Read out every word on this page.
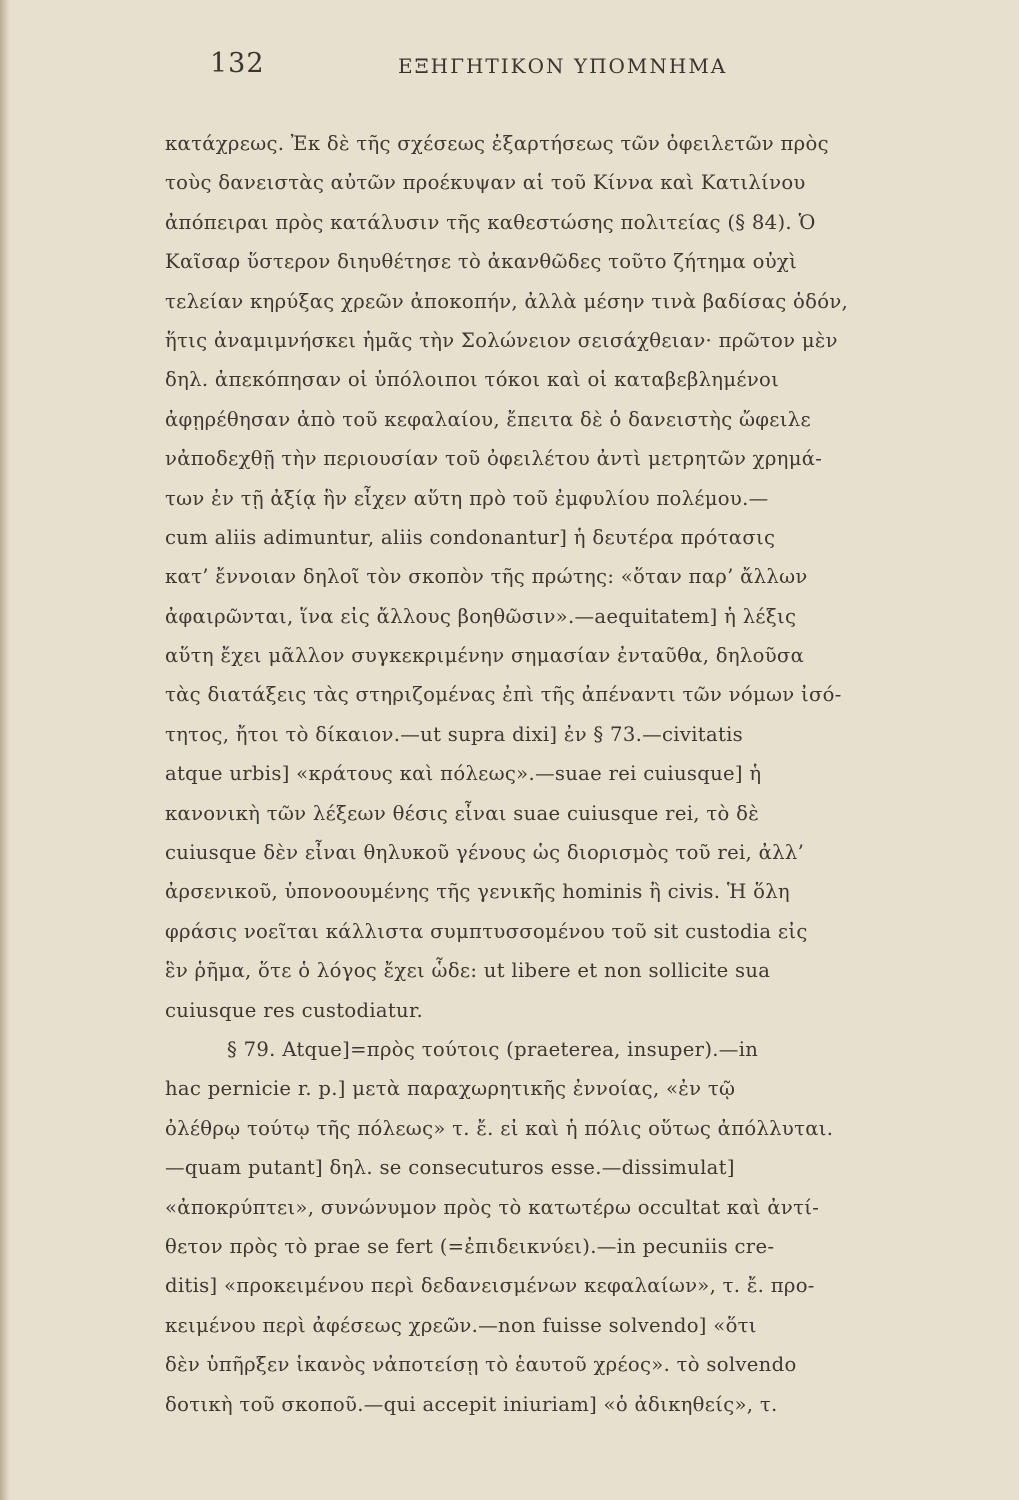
132	ΕΞΗΓΗΤΙΚΟΝ ΥΠΟΜΝΗΜΑ
κατάχρεως. Ἐκ δὲ τῆς σχέσεως ἐξαρτήσεως τῶν ὀφειλετῶν πρὸς
τοὺς δανειστὰς αὐτῶν προέκυψαν αἱ τοῦ Κίννα καὶ Κατιλίνου
ἀπόπειραι πρὸς κατάλυσιν τῆς καθεστώσης πολιτείας (§ 84). Ὁ
Καῖσαρ ὕστερον διηυθέτησε τὸ ἀκανθῶδες τοῦτο ζήτημα οὐχὶ
τελείαν κηρύξας χρεῶν ἀποκοπήν, ἀλλὰ μέσην τινὰ βαδίσας ὁδόν,
ἥτις ἀναμιμνήσκει ἡμᾶς τὴν Σολώνειον σεισάχθειαν· πρῶτον μὲν
δηλ. ἀπεκόπησαν οἱ ὑπόλοιποι τόκοι καὶ οἱ καταβεβλημένοι
ἀφῃρέθησαν ἀπὸ τοῦ κεφαλαίου, ἔπειτα δὲ ὁ δανειστὴς ὤφειλε
νἀποδεχθῇ τὴν περιουσίαν τοῦ ὀφειλέτου ἀντὶ μετρητῶν χρημά-
των ἐν τῇ ἀξίᾳ ἣν εἶχεν αὕτη πρὸ τοῦ ἐμφυλίου πολέμου.—
cum aliis adimuntur, aliis condonantur] ἡ δευτέρα πρότασις
κατ’ ἔννοιαν δηλοῖ τὸν σκοπὸν τῆς πρώτης: «ὅταν παρ’ ἄλλων
ἀφαιρῶνται, ἵνα εἰς ἄλλους βοηθῶσιν».—aequitatem] ἡ λέξις
αὕτη ἔχει μᾶλλον συγκεκριμένην σημασίαν ἐνταῦθα, δηλοῦσα
τὰς διατάξεις τὰς στηριζομένας ἐπὶ τῆς ἀπέναντι τῶν νόμων ἰσό-
τητος, ἤτοι τὸ δίκαιον.—ut supra dixi] ἐν § 73.—civitatis
atque urbis] «κράτους καὶ πόλεως».—suae rei cuiusque] ἡ
κανονικὴ τῶν λέξεων θέσις εἶναι suae cuiusque rei, τὸ δὲ
cuiusque δὲν εἶναι θηλυκοῦ γένους ὡς διορισμὸς τοῦ rei, ἀλλ’
ἀρσενικοῦ, ὑπονοουμένης τῆς γενικῆς hominis ἢ civis. Ἡ ὅλη
φράσις νοεῖται κάλλιστα συμπτυσσομένου τοῦ sit custodia εἰς
ἓν ῥῆμα, ὅτε ὁ λόγος ἔχει ὧδε: ut libere et non sollicite sua
cuiusque res custodiatur.
§ 79. Atque]=πρὸς τούτοις (praeterea, insuper).—in
hac pernicie r. p.] μετὰ παραχωρητικῆς ἐννοίας, «ἐν τῷ
ὀλέθρῳ τούτῳ τῆς πόλεως» τ. ἔ. εἰ καὶ ἡ πόλις οὕτως ἀπόλλυται.
—quam putant] δηλ. se consecuturos esse.—dissimulat]
«ἀποκρύπτει», συνώνυμον πρὸς τὸ κατωτέρω occultat καὶ ἀντί-
θετον πρὸς τὸ prae se fert (=ἐπιδεικνύει).—in pecuniis cre-
ditis] «προκειμένου περὶ δεδανεισμένων κεφαλαίων», τ. ἔ. προ-
κειμένου περὶ ἀφέσεως χρεῶν.—non fuisse solvendo] «ὅτι
δὲν ὑπῆρξεν ἱκανὸς νἀποτείσῃ τὸ ἑαυτοῦ χρέος». τὸ solvendo
δοτικὴ τοῦ σκοποῦ.—qui accepit iniuriam] «ὁ ἀδικηθείς», τ.
